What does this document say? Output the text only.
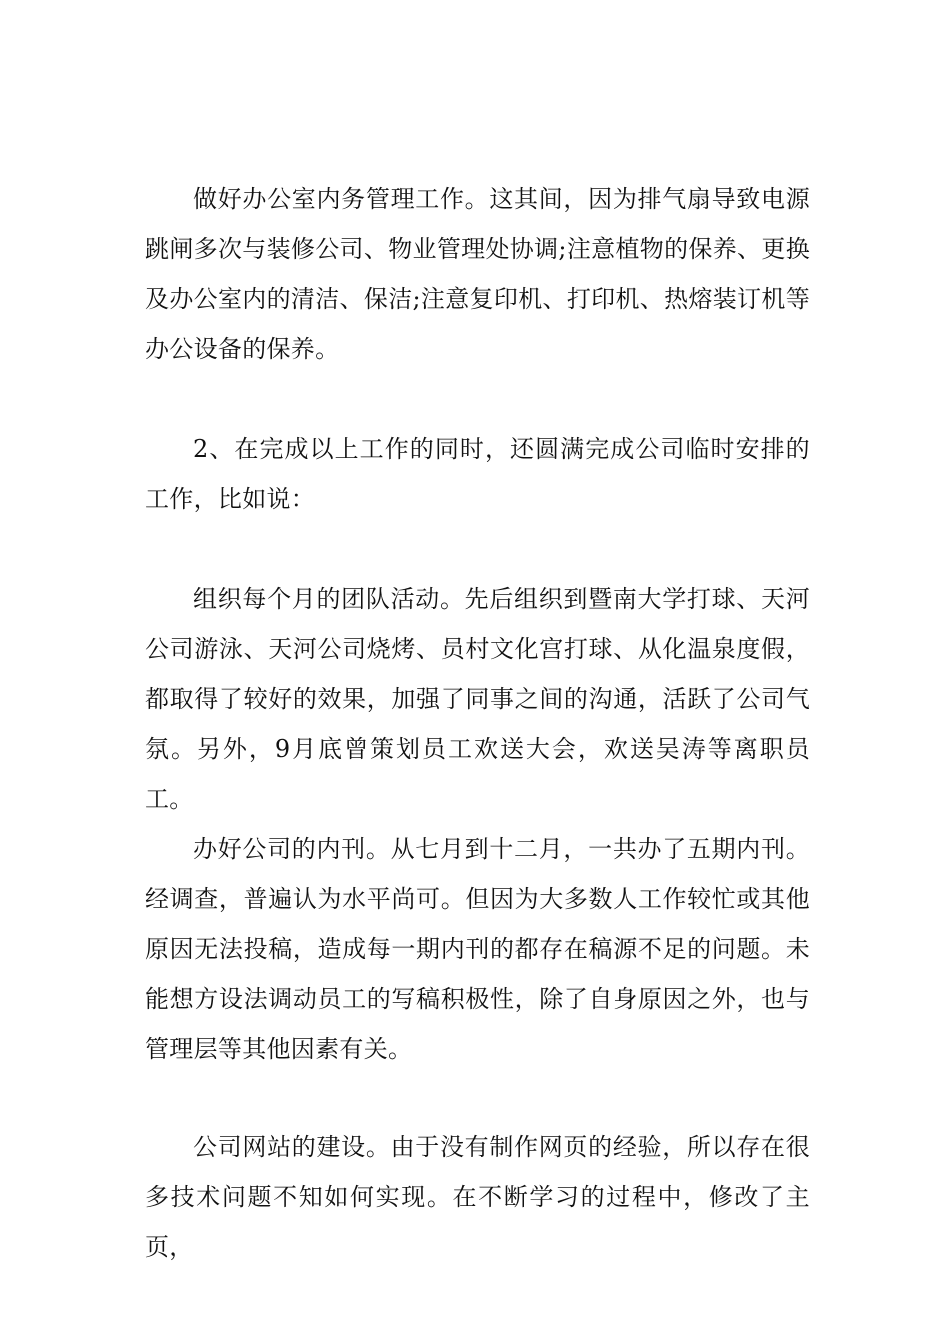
做好办公室内务管理工作。这其间，因为排气扇导致电源跳闸多次与装修公司、物业管理处协调;注意植物的保养、更换及办公室内的清洁、保洁;注意复印机、打印机、热熔装订机等办公设备的保养。

2、在完成以上工作的同时，还圆满完成公司临时安排的工作，比如说：

组织每个月的团队活动。先后组织到暨南大学打球、天河公司游泳、天河公司烧烤、员村文化宫打球、从化温泉度假，都取得了较好的效果，加强了同事之间的沟通，活跃了公司气氛。另外，9月底曾策划员工欢送大会，欢送吴涛等离职员工。

办好公司的内刊。从七月到十二月，一共办了五期内刊。经调查，普遍认为水平尚可。但因为大多数人工作较忙或其他原因无法投稿，造成每一期内刊的都存在稿源不足的问题。未能想方设法调动员工的写稿积极性，除了自身原因之外，也与管理层等其他因素有关。

公司网站的建设。由于没有制作网页的经验，所以存在很多技术问题不知如何实现。在不断学习的过程中，修改了主页，
